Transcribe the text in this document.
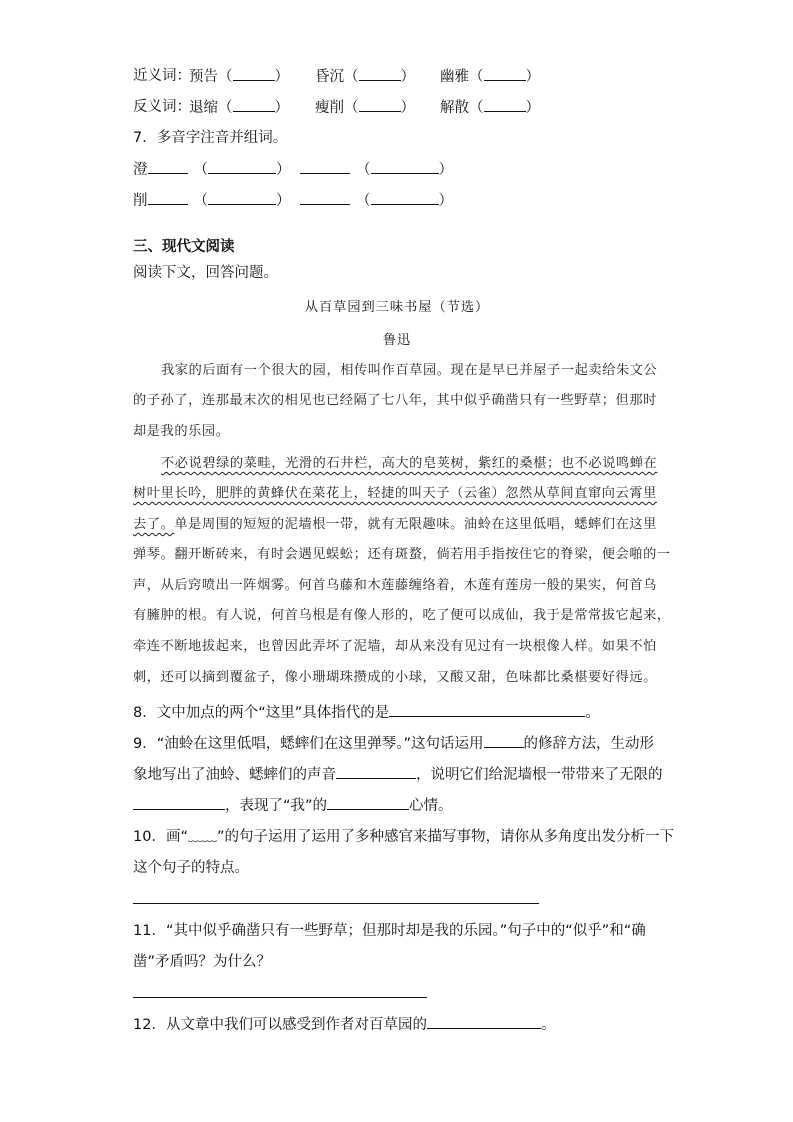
近义词：
预告（	） 昏沉（	） 幽雅（	）
反义词：
退缩（	） 瘦削（	） 解散（	）
7．多音字注音并组词。
澄	（	）	（	）
削	（	）	（	）
三、现代文阅读
阅读下文，回答问题。
从百草园到三味书屋（节选）
鲁迅
我家的后面有一个很大的园，相传叫作百草园。现在是早已并屋子一起卖给朱文公
的子孙了，连那最末次的相见也已经隔了七八年，其中似乎确凿只有一些野草；但那时
却是我的乐园。
不必说碧绿的菜畦，光滑的石井栏，高大的皂荚树，紫红的桑椹；也不必说鸣蝉在
树叶里长吟，肥胖的黄蜂伏在菜花上，轻捷的叫天子（云雀）忽然从草间直窜向云霄里
去了。单是周围的短短的泥墙根一带，就有无限趣味。油蛉在这里低唱，蟋蟀们在这里
弹琴。翻开断砖来，有时会遇见蜈蚣；还有斑蝥，倘若用手指按住它的脊梁，便会啪的一
声，从后窍喷出一阵烟雾。何首乌藤和木莲藤缠络着，木莲有莲房一般的果实，何首乌
有臃肿的根。有人说，何首乌根是有像人形的，吃了便可以成仙，我于是常常拔它起来，
牵连不断地拔起来，也曾因此弄坏了泥墙，却从来没有见过有一块根像人样。如果不怕
刺，还可以摘到覆盆子，像小珊瑚珠攒成的小球，又酸又甜，色味都比桑椹要好得远。
8．文中加点的两个“这里”具体指代的是	。
9．“油蛉在这里低唱，蟋蟀们在这里弹琴。”这句话运用	的修辞方法，生动形
象地写出了油蛉、蟋蟀们的声音	，说明它们给泥墙根一带带来了无限的
，表现了“我”的	心情。
10．画“﹏﹏”的句子运用了运用了多种感官来描写事物，请你从多角度出发分析一下
这个句子的特点。
11．“其中似乎确凿只有一些野草；但那时却是我的乐园。”句子中的“似乎”和“确
凿”矛盾吗？为什么？
12．从文章中我们可以感受到作者对百草园的	。
